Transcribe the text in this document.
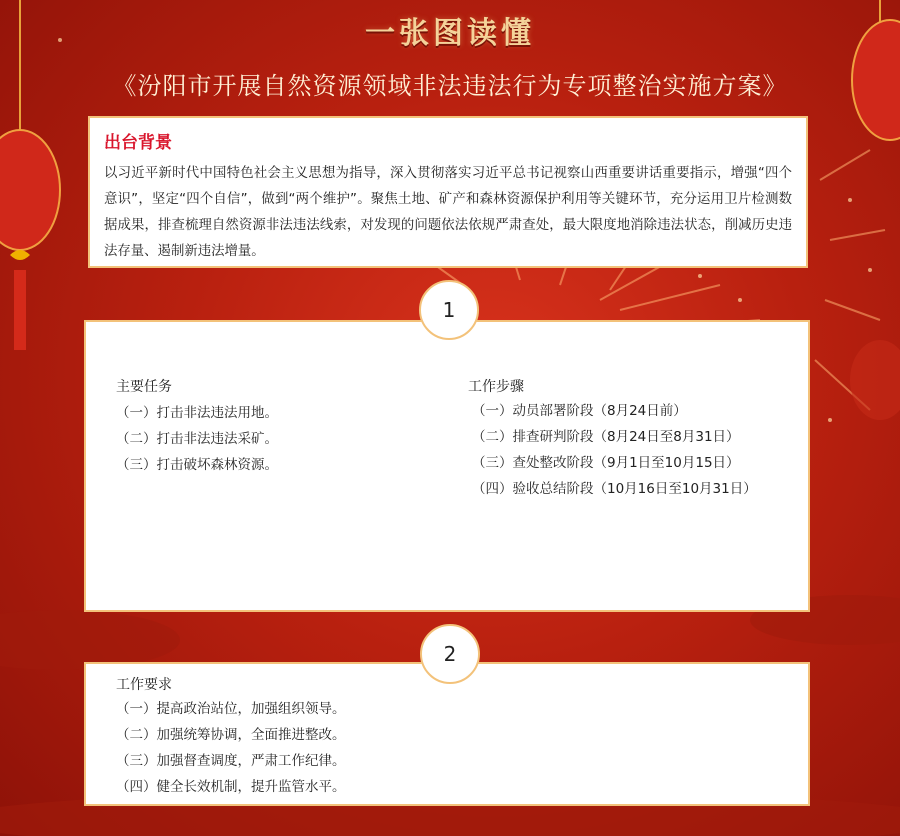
一张图读懂
《汾阳市开展自然资源领域非法违法行为专项整治实施方案》
出台背景
以习近平新时代中国特色社会主义思想为指导，深入贯彻落实习近平总书记视察山西重要讲话重要指示，增强“四个意识”，坚定“四个自信”，做到“两个维护”。聚焦土地、矿产和森林资源保护利用等关键环节，充分运用卫片检测数据成果，排查梳理自然资源非法违法线索，对发现的问题依法依规严肃查处，最大限度地消除违法状态，削减历史违法存量、遏制新违法增量。
主要任务
（一）打击非法违法用地。
（二）打击非法违法采矿。
（三）打击破坏森林资源。
工作步骤
（一）动员部署阶段（8月24日前）
（二）排查研判阶段（8月24日至8月31日）
（三）查处整改阶段（9月1日至10月15日）
（四）验收总结阶段（10月16日至10月31日）
1
工作要求
（一）提高政治站位，加强组织领导。
（二）加强统筹协调，全面推进整改。
（三）加强督查调度，严肃工作纪律。
（四）健全长效机制，提升监管水平。
2
